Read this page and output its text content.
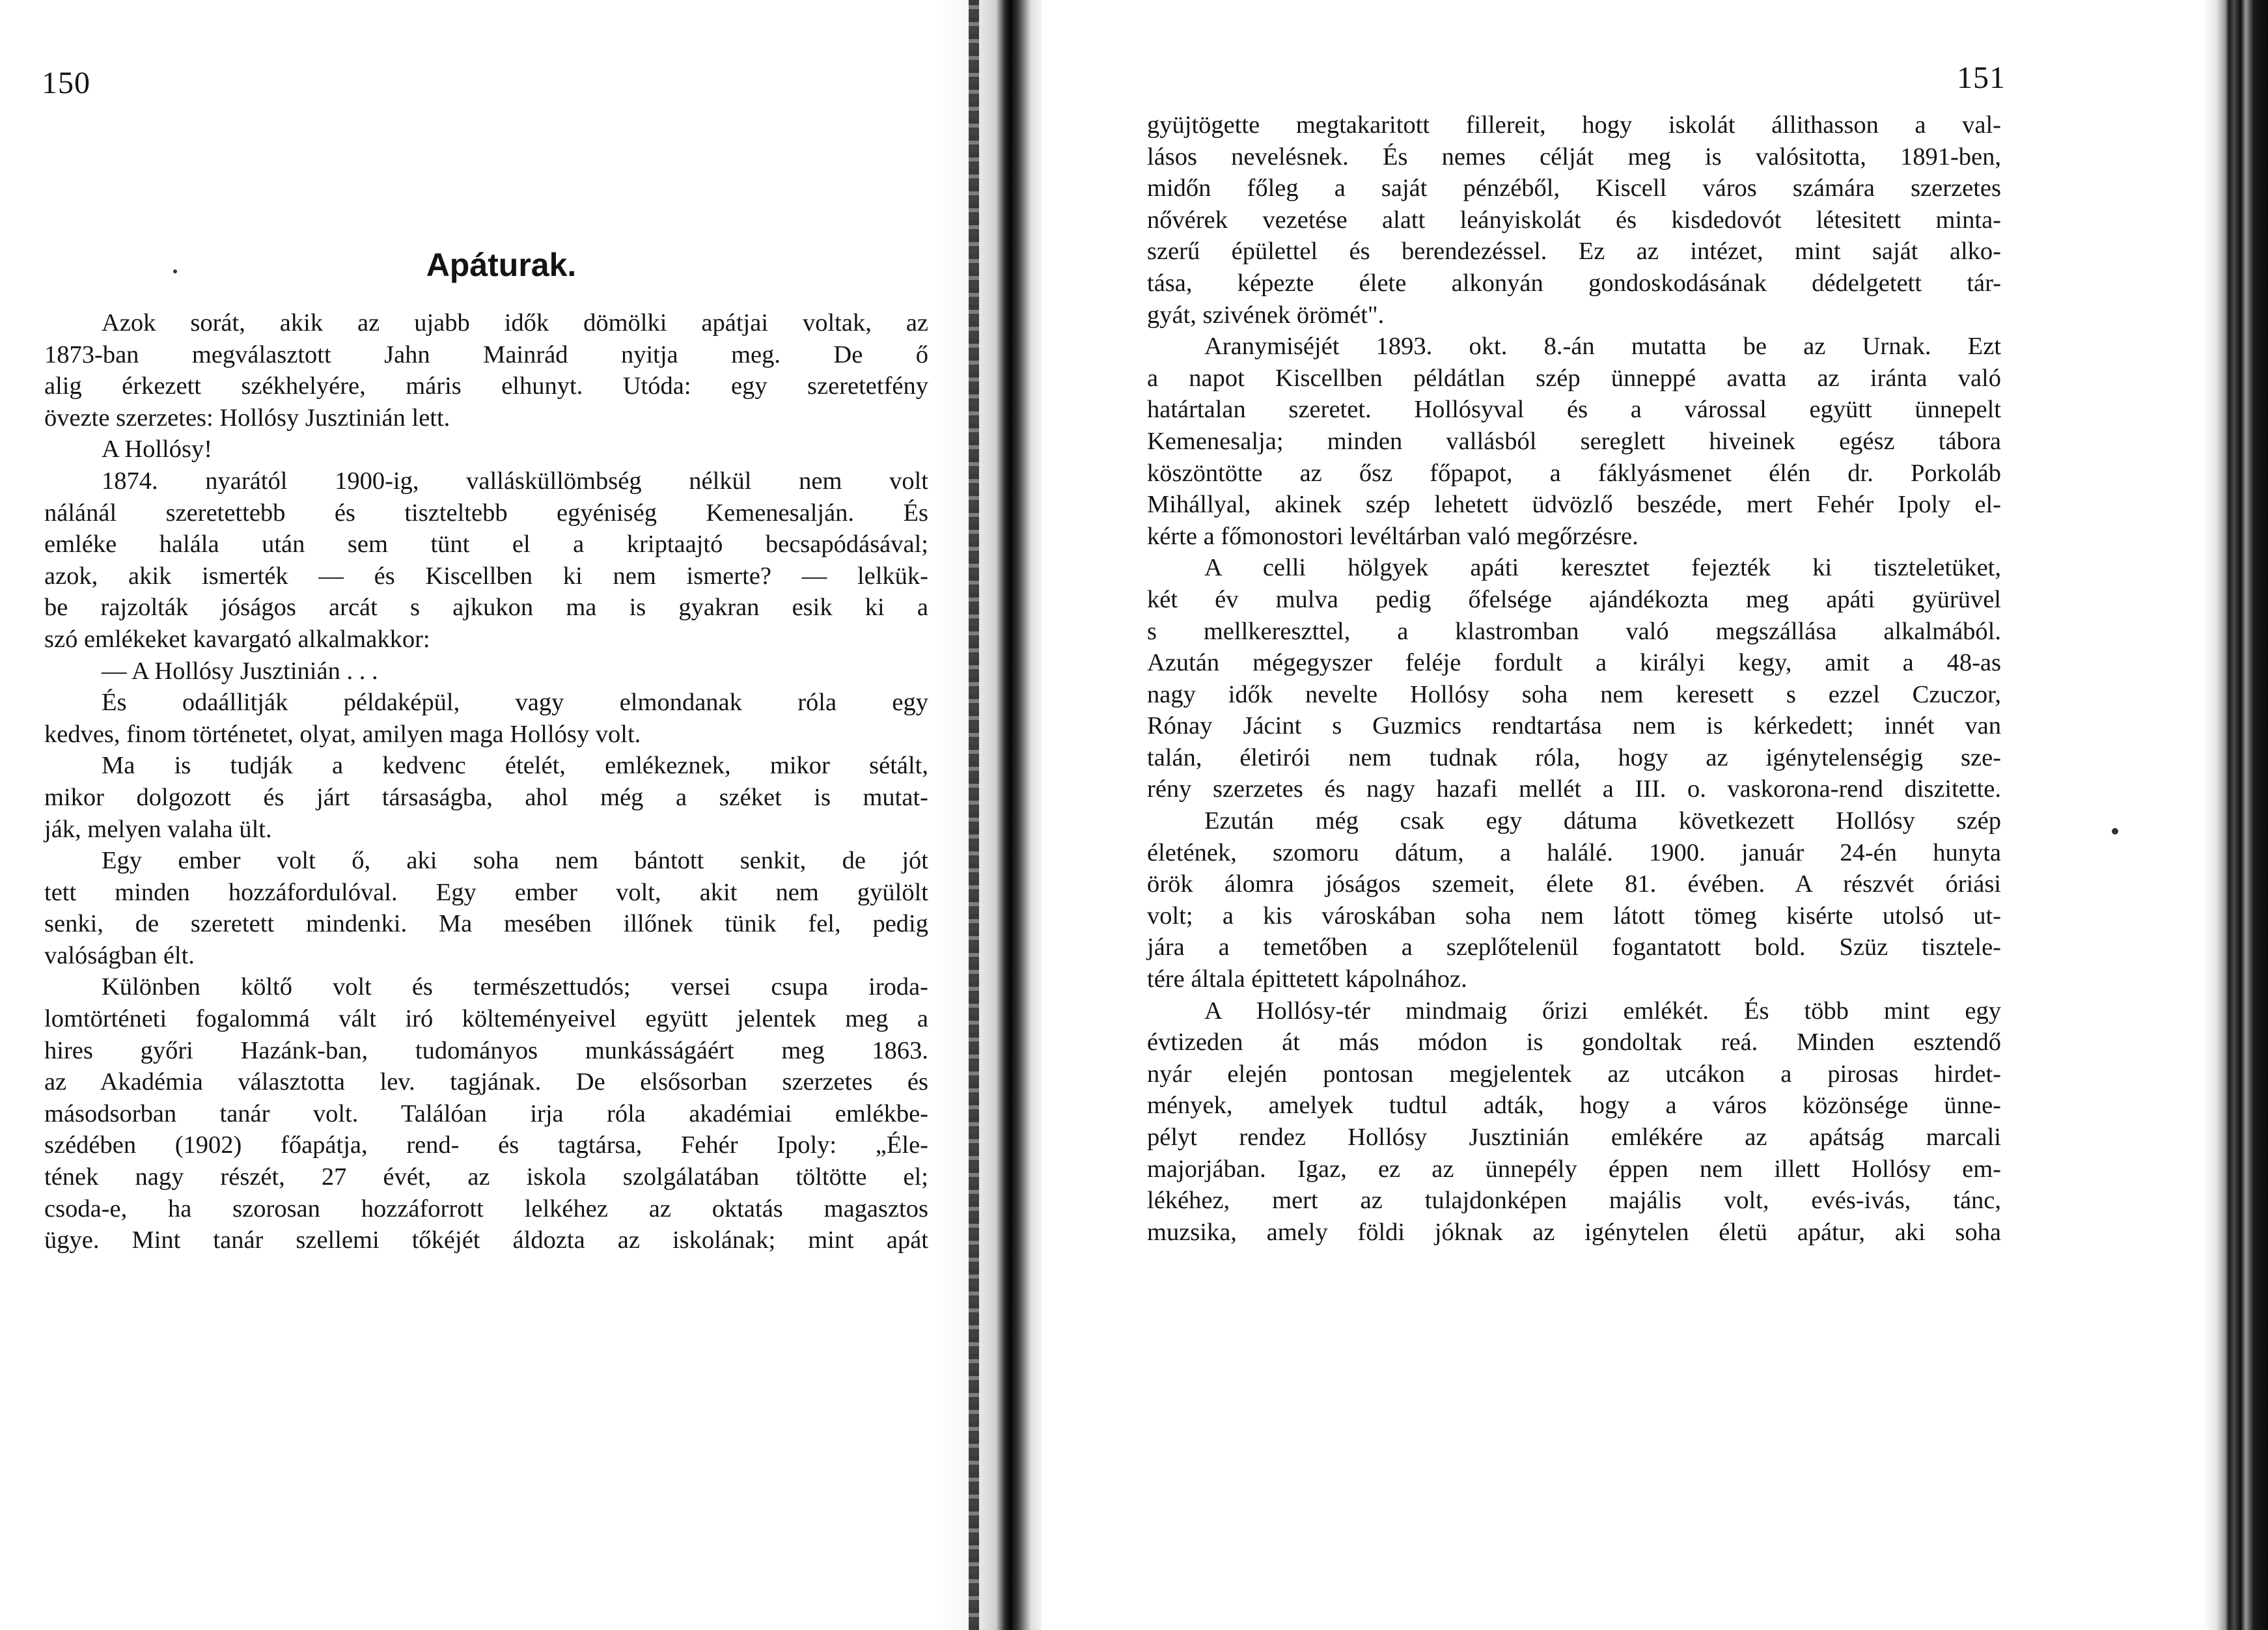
150
Apáturak.
Azok sorát, akik az ujabb idők dömölki apátjai voltak, az
1873-ban megválasztott Jahn Mainrád nyitja meg. De ő
alig érkezett székhelyére, máris elhunyt. Utóda: egy szeretetfény
övezte szerzetes: Hollósy Jusztinián lett.
A Hollósy!
1874. nyarától 1900-ig, vallásküllömbség nélkül nem volt
nálánál szeretettebb és tiszteltebb egyéniség Kemenesalján. És
emléke halála után sem tünt el a kriptaajtó becsapódásával;
azok, akik ismerték — és Kiscellben ki nem ismerte? — lelkük-
be rajzolták jóságos arcát s ajkukon ma is gyakran esik ki a
szó emlékeket kavargató alkalmakkor:
— A Hollósy Jusztinián . . .
És odaállitják példaképül, vagy elmondanak róla egy
kedves, finom történetet, olyat, amilyen maga Hollósy volt.
Ma is tudják a kedvenc ételét, emlékeznek, mikor sétált,
mikor dolgozott és járt társaságba, ahol még a széket is mutat-
ják, melyen valaha ült.
Egy ember volt ő, aki soha nem bántott senkit, de jót
tett minden hozzáfordulóval. Egy ember volt, akit nem gyülölt
senki, de szeretett mindenki. Ma mesében illőnek tünik fel, pedig
valóságban élt.
Különben költő volt és természettudós; versei csupa iroda-
lomtörténeti fogalommá vált iró költeményeivel együtt jelentek meg a
hires győri Hazánk-ban, tudományos munkásságáért meg 1863.
az Akadémia választotta lev. tagjának. De elsősorban szerzetes és
másodsorban tanár volt. Találóan irja róla akadémiai emlékbe-
szédében (1902) főapátja, rend- és tagtársa, Fehér Ipoly: „Éle-
tének nagy részét, 27 évét, az iskola szolgálatában töltötte el;
csoda-e, ha szorosan hozzáforrott lelkéhez az oktatás magasztos
ügye. Mint tanár szellemi tőkéjét áldozta az iskolának; mint apát
151
gyüjtögette megtakaritott fillereit, hogy iskolát állithasson a val-
lásos nevelésnek. És nemes célját meg is valósitotta, 1891-ben,
midőn főleg a saját pénzéből, Kiscell város számára szerzetes
nővérek vezetése alatt leányiskolát és kisdedovót létesitett minta-
szerű épülettel és berendezéssel. Ez az intézet, mint saját alko-
tása, képezte élete alkonyán gondoskodásának dédelgetett tár-
gyát, szivének örömét".
Aranymiséjét 1893. okt. 8.-án mutatta be az Urnak. Ezt
a napot Kiscellben példátlan szép ünneppé avatta az iránta való
határtalan szeretet. Hollósyval és a várossal együtt ünnepelt
Kemenesalja; minden vallásból sereglett hiveinek egész tábora
köszöntötte az ősz főpapot, a fáklyásmenet élén dr. Porkoláb
Mihállyal, akinek szép lehetett üdvözlő beszéde, mert Fehér Ipoly el-
kérte a főmonostori levéltárban való megőrzésre.
A celli hölgyek apáti keresztet fejezték ki tiszteletüket,
két év mulva pedig őfelsége ajándékozta meg apáti gyürüvel
s mellkereszttel, a klastromban való megszállása alkalmából.
Azután mégegyszer feléje fordult a királyi kegy, amit a 48-as
nagy idők nevelte Hollósy soha nem keresett s ezzel Czuczor,
Rónay Jácint s Guzmics rendtartása nem is kérkedett; innét van
talán, életirói nem tudnak róla, hogy az igénytelenségig sze-
rény szerzetes és nagy hazafi mellét a III. o. vaskorona-rend diszitette.
Ezután még csak egy dátuma következett Hollósy szép
életének, szomoru dátum, a halálé. 1900. január 24-én hunyta
örök álomra jóságos szemeit, élete 81. évében. A részvét óriási
volt; a kis városkában soha nem látott tömeg kisérte utolsó ut-
jára a temetőben a szeplőtelenül fogantatott bold. Szüz tisztele-
tére általa épittetett kápolnához.
A Hollósy-tér mindmaig őrizi emlékét. És több mint egy
évtizeden át más módon is gondoltak reá. Minden esztendő
nyár elején pontosan megjelentek az utcákon a pirosas hirdet-
mények, amelyek tudtul adták, hogy a város közönsége ünne-
pélyt rendez Hollósy Jusztinián emlékére az apátság marcali
majorjában. Igaz, ez az ünnepély éppen nem illett Hollósy em-
lékéhez, mert az tulajdonképen majális volt, evés-ivás, tánc,
muzsika, amely földi jóknak az igénytelen életü apátur, aki soha
